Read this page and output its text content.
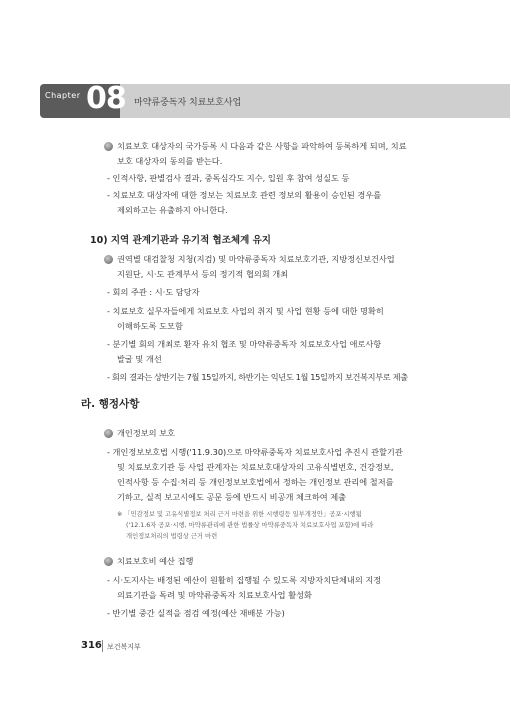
Chapter 08 마약류중독자 치료보호사업
치료보호 대상자의 국가등록 시 다음과 같은 사항을 파악하여 등록하게 되며, 치료
보호 대상자의 동의를 받는다.
- 인적사항, 판별검사 결과, 중독심각도 지수, 입원 후 참여 성실도 등
- 치료보호 대상자에 대한 정보는 치료보호 관련 정보의 활용이 승인된 경우를
제외하고는 유출하지 아니한다.
10) 지역 관계기관과 유기적 협조체계 유지
권역별 대검찰청 지청(지검) 및 마약류중독자 치료보호기관, 지방정신보건사업
지원단, 시·도 관계부서 등의 정기적 협의회 개최
- 회의 주관 : 시·도 담당자
- 치료보호 실무자들에게 치료보호 사업의 취지 및 사업 현황 등에 대한 명확히
이해하도록 도모함
- 분기별 회의 개최로 환자 유치 협조 및 마약류중독자 치료보호사업 애로사항
발굴 및 개선
- 회의 결과는 상반기는 7월 15일까지, 하반기는 익년도 1월 15일까지 보건복지부로 제출
라. 행정사항
개인정보의 보호
- 개인정보보호법 시행('11.9.30)으로 마약류중독자 치료보호사업 추진시 관할기관
및 치료보호기관 등 사업 관계자는 치료보호대상자의 고유식별번호, 건강정보,
인적사항 등 수집·처리 등 개인정보보호법에서 정하는 개인정보 관리에 철저를
기하고, 실적 보고시에도 공문 등에 반드시 비공개 체크하여 제출
※ 「민감정보 및 고유식별정보 처리 근거 마련을 위한 시행령등 일부개정안」공포·시행됨
('12.1.6자 공포·시행, 마약류관리에 관한 법률상 마약류중독자 치료보호사업 포함)에 따라
개인정보처리의 법령상 근거 마련
치료보호비 예산 집행
- 시·도지사는 배정된 예산이 원활히 집행될 수 있도록 지방자치단체내의 지정
의료기관을 독려 및 마약류중독자 치료보호사업 활성화
- 반기별 중간 실적을 점검 예정(예산 재배분 가능)
316 보건복지부
